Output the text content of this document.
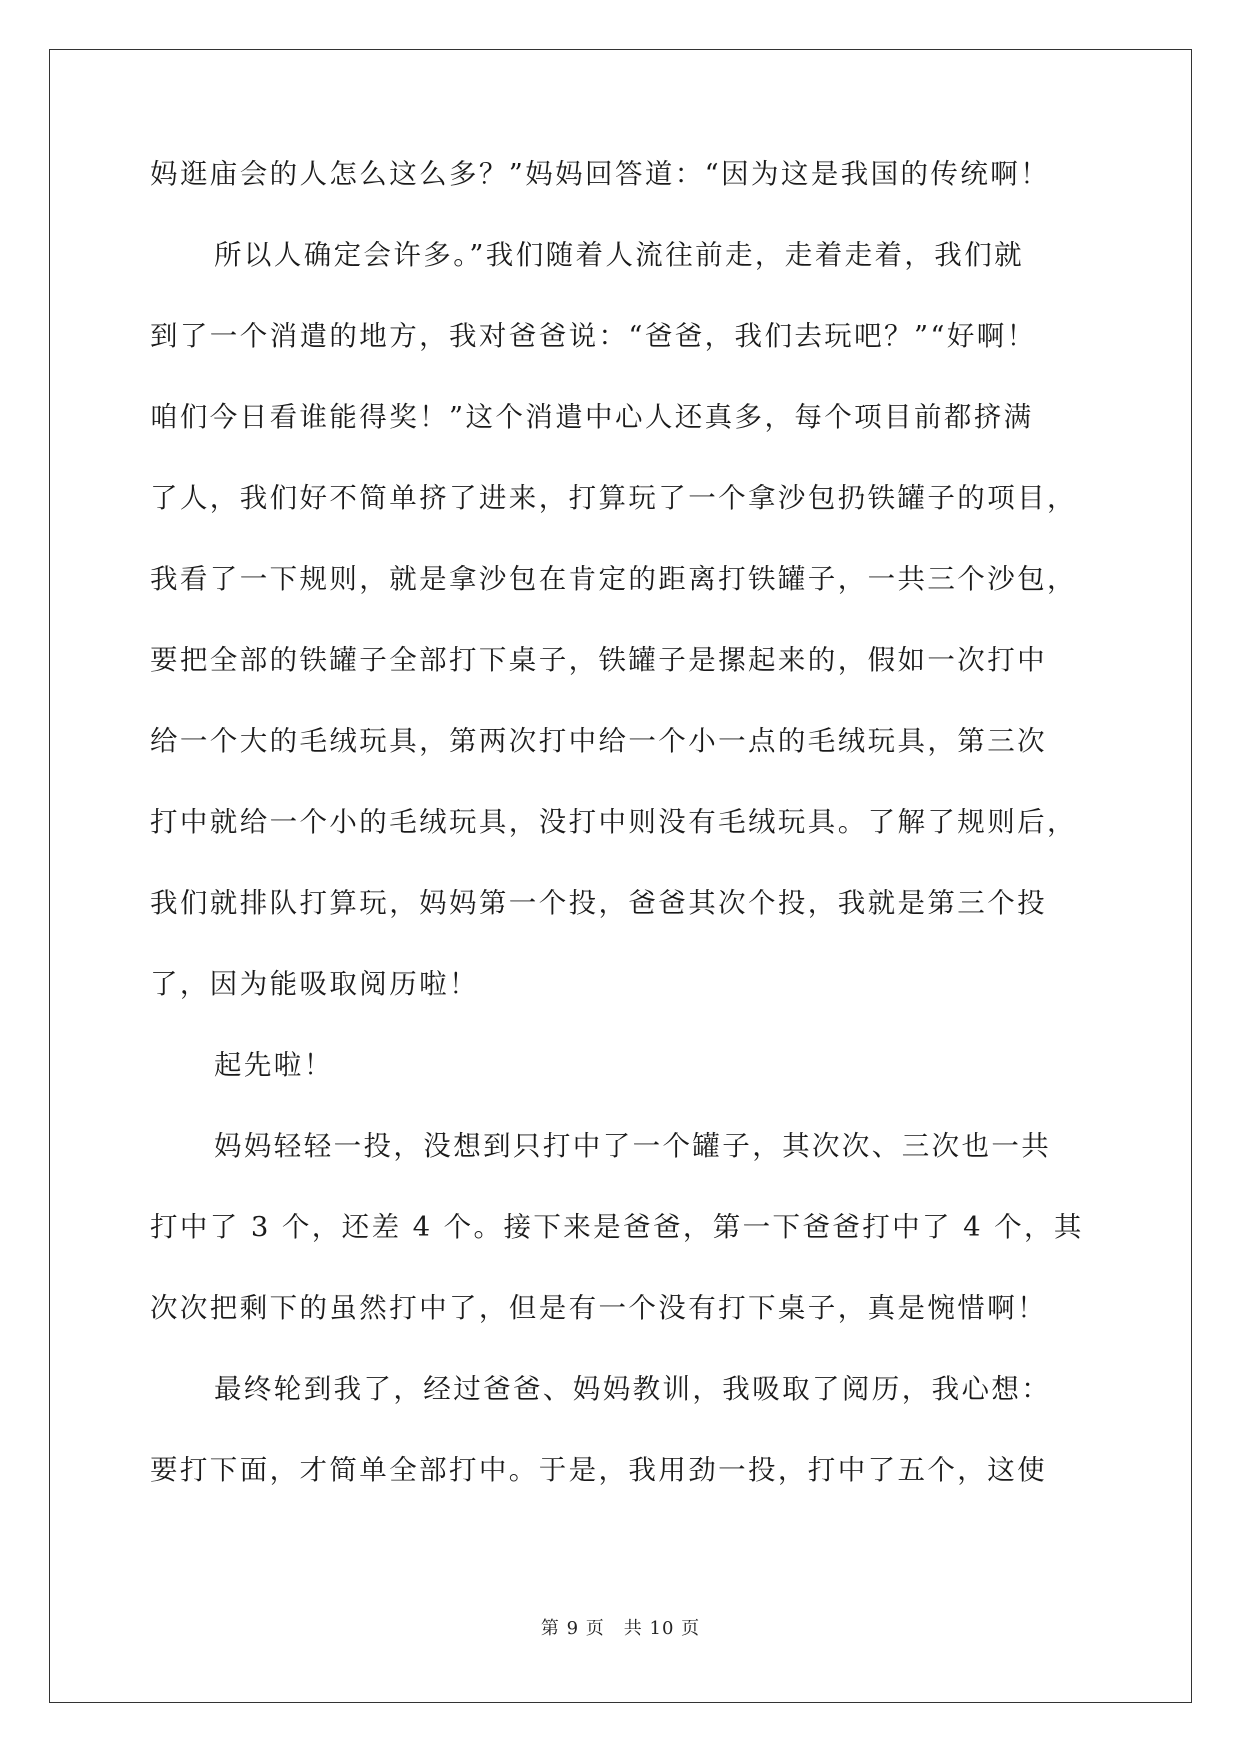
妈逛庙会的人怎么这么多？”妈妈回答道：“因为这是我国的传统啊！
所以人确定会许多。”我们随着人流往前走，走着走着，我们就
到了一个消遣的地方，我对爸爸说：“爸爸，我们去玩吧？”“好啊！
咱们今日看谁能得奖！”这个消遣中心人还真多，每个项目前都挤满
了人，我们好不简单挤了进来，打算玩了一个拿沙包扔铁罐子的项目，
我看了一下规则，就是拿沙包在肯定的距离打铁罐子，一共三个沙包，
要把全部的铁罐子全部打下桌子，铁罐子是摞起来的，假如一次打中
给一个大的毛绒玩具，第两次打中给一个小一点的毛绒玩具，第三次
打中就给一个小的毛绒玩具，没打中则没有毛绒玩具。了解了规则后，
我们就排队打算玩，妈妈第一个投，爸爸其次个投，我就是第三个投
了，因为能吸取阅历啦！
起先啦！
妈妈轻轻一投，没想到只打中了一个罐子，其次次、三次也一共
打中了 3 个，还差 4 个。接下来是爸爸，第一下爸爸打中了 4 个，其
次次把剩下的虽然打中了，但是有一个没有打下桌子，真是惋惜啊！
最终轮到我了，经过爸爸、妈妈教训，我吸取了阅历，我心想：
要打下面，才简单全部打中。于是，我用劲一投，打中了五个，这使
第 9 页　共 10 页
